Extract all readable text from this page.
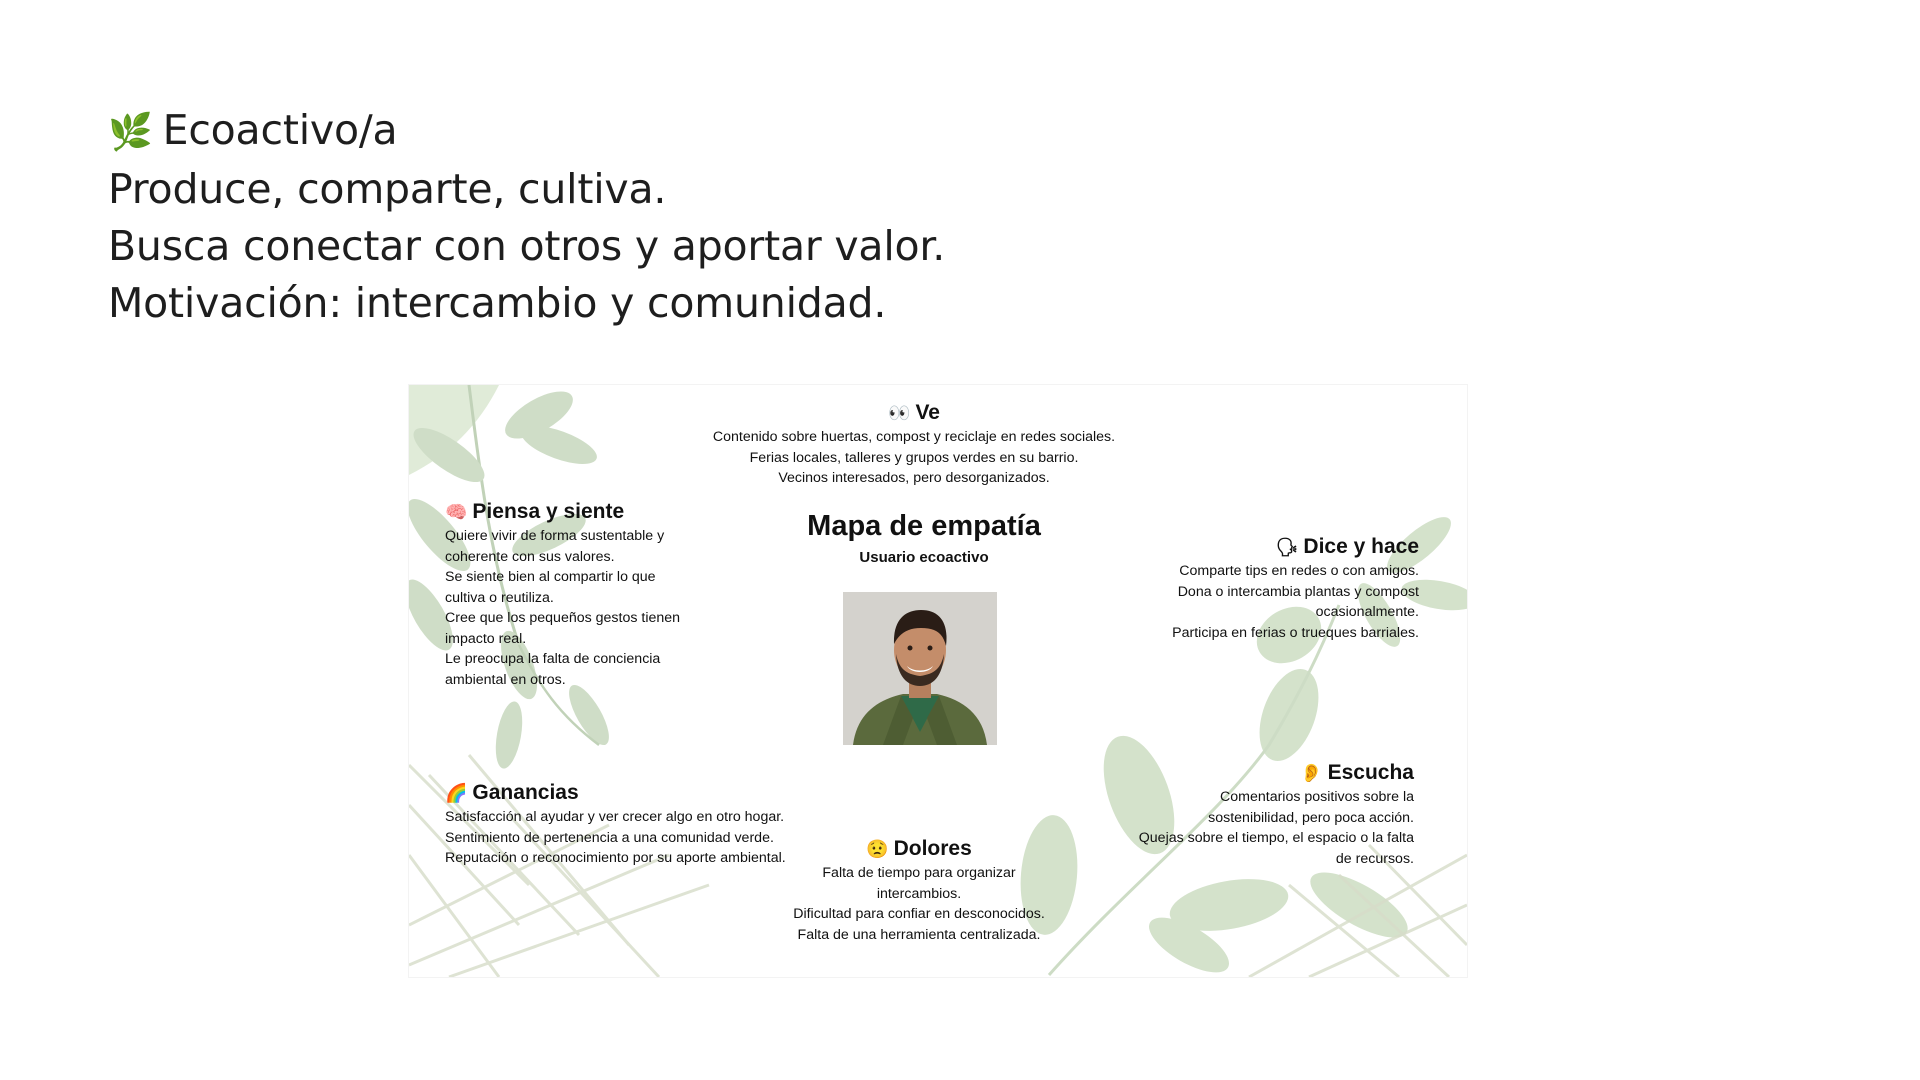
🌿 Ecoactivo/a
Produce, comparte, cultiva.
Busca conectar con otros y aportar valor.
Motivación: intercambio y comunidad.
👀 Ve

Contenido sobre huertas, compost y reciclaje en redes sociales.

Ferias locales, talleres y grupos verdes en su barrio.

Vecinos interesados, pero desorganizados.

🧠 Piensa y siente

Quiere vivir de forma sustentable y

coherente con sus valores.

Se siente bien al compartir lo que

cultiva o reutiliza.

Cree que los pequeños gestos tienen

impacto real.

Le preocupa la falta de conciencia

ambiental en otros.

Mapa de empatía
Usuario ecoactivo
🗣 Dice y hace

Comparte tips en redes o con amigos.

Dona o intercambia plantas y compost

ocasionalmente.

Participa en ferias o trueques barriales.

👂 Escucha

Comentarios positivos sobre la

sostenibilidad, pero poca acción.

Quejas sobre el tiempo, el espacio o la falta

de recursos.

🌈 Ganancias

Satisfacción al ayudar y ver crecer algo en otro hogar.

Sentimiento de pertenencia a una comunidad verde.

Reputación o reconocimiento por su aporte ambiental.	😟 Dolores

Falta de tiempo para organizar

intercambios.

Dificultad para confiar en desconocidos.

Falta de una herramienta centralizada.
